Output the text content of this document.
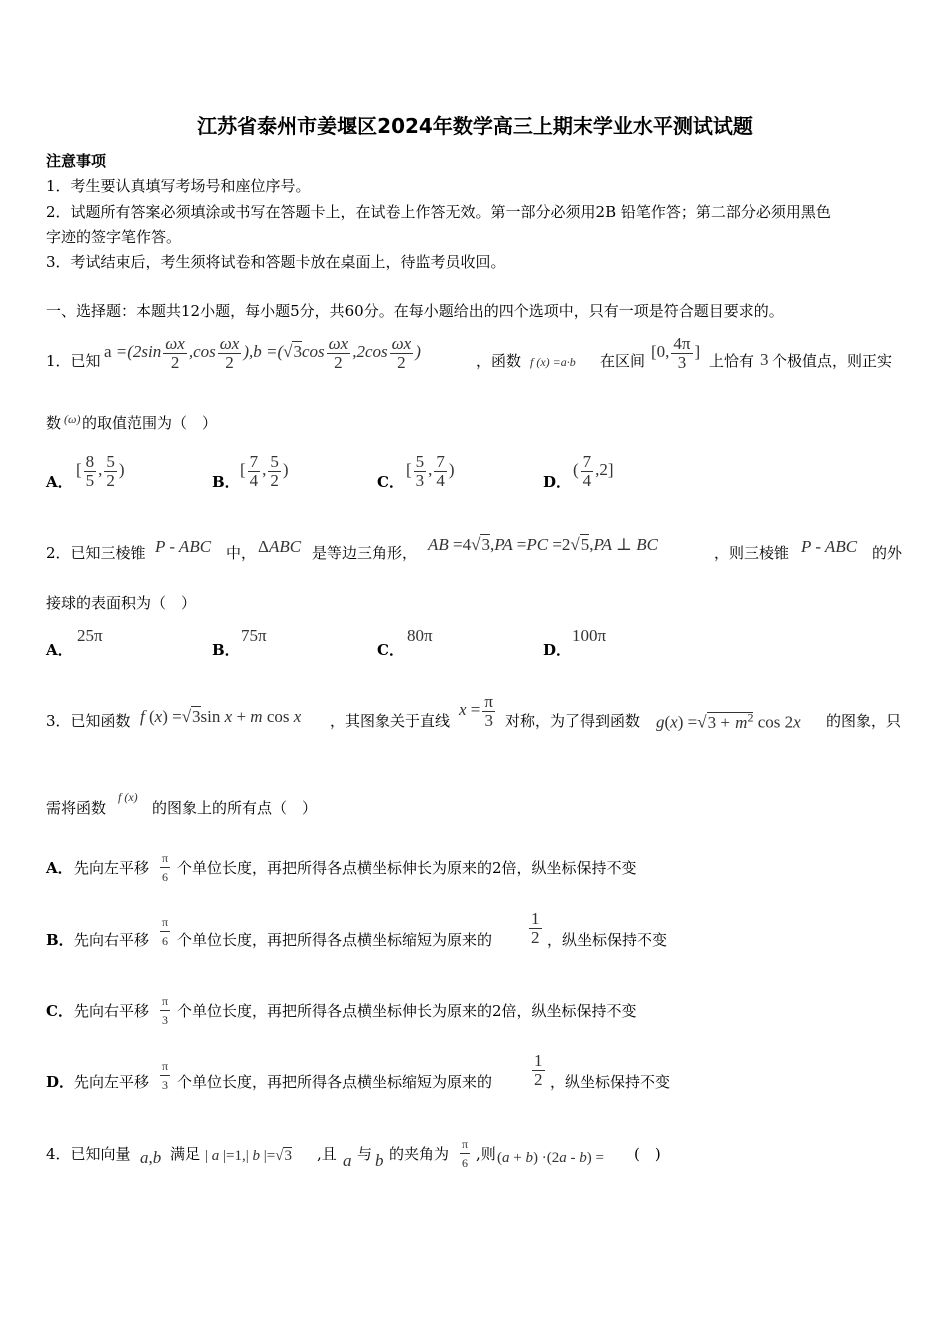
江苏省泰州市姜堰区2024年数学高三上期末学业水平测试试题
注意事项
1．考生要认真填写考场号和座位序号。
2．试题所有答案必须填涂或书写在答题卡上，在试卷上作答无效。第一部分必须用2B 铅笔作答；第二部分必须用黑色
字迹的签字笔作答。
3．考试结束后，考生须将试卷和答题卡放在桌面上，待监考员收回。
一、选择题：本题共12小题，每小题5分，共60分。在每小题给出的四个选项中，只有一项是符合题目要求的。
1．已知 $a =(2\sin \frac{\omega x}{2} ,\cos \frac{\omega x}{2} ),b =(√3\cos \frac{\omega x}{2} ,2\cos \frac{\omega x}{2}$ )	，函数 f (x) =a·b 在区间 [0, $\frac{4\pi}{3}$ ] 上恰有 3 个极值点，则正实
数 (ω) 的取值范围为（　）
A．
[ $\frac{8}{5}$ , $\frac{5}{2}$ )
B．
[ $\frac{7}{4}$ , $\frac{5}{2}$ )
C．
[ $\frac{5}{3}$ , $\frac{7}{4}$ )
D．
( $\frac{7}{4} ,2$]
2．已知三棱锥 P - ABC 中， ΔABC 是等边三角形， AB =4√3,PA =PC =2√5,PA ⊥ BC	，则三棱锥 P - ABC 的外
接球的表面积为（　）
A．
25π
B．
75π
C．
80π
D．
100π
3．已知函数 f (x) =√3sin x + m cos x ，其图象关于直线
$x = \frac{\pi}{3}$ 对称，为了得到函数 $g(x) =√3 + m^2$ cos 2x 的图象，只
需将函数
f (x)
的图象上的所有点（　）
A． 先向左平移 $\frac{\pi}{6}$ 个单位长度，再把所得各点横坐标伸长为原来的2倍，纵坐标保持不变
B． 先向右平移 $\frac{\pi}{6}$ 个单位长度，再把所得各点横坐标缩短为原来的 $\frac{1}{2}$ ，纵坐标保持不变
C． 先向右平移 $\frac{\pi}{3}$ 个单位长度，再把所得各点横坐标伸长为原来的2倍，纵坐标保持不变
D． 先向左平移 $\frac{\pi}{3}$ 个单位长度，再把所得各点横坐标缩短为原来的 $\frac{1}{2}$ ，纵坐标保持不变
4．已知向量 a,b 满足 | a |=1,| b |=√3 ,且 a 与 b 的夹角为 $\frac{\pi}{6}$ ,则 (a + b) ·(2a - b) = (　)
